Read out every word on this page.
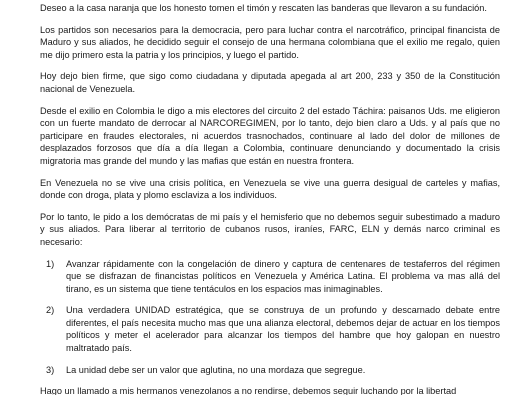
Deseo a la casa naranja que los honesto tomen el timón y rescaten las banderas que llevaron a su fundación.

Los partidos son necesarios para la democracia, pero para luchar contra el narcotráfico, principal financista de Maduro y sus aliados, he decidido seguir el consejo de una hermana colombiana que el exilio me regalo, quien me dijo primero esta la patria y los principios, y luego el partido.

Hoy dejo bien firme, que sigo como ciudadana y diputada apegada al art 200, 233 y 350 de la Constitución nacional de Venezuela.

Desde el exilio en Colombia le digo a mis electores del circuito 2 del estado Táchira: paisanos Uds. me eligieron con un fuerte mandato de derrocar al NARCOREGIMEN, por lo tanto, dejo bien claro a Uds. y al país que no participare en fraudes electorales, ni acuerdos trasnochados, continuare al lado del dolor de millones de desplazados forzosos que día a día llegan a Colombia, continuare denunciando y documentado la crisis migratoria mas grande del mundo y las mafias que están en nuestra frontera.

En Venezuela no se vive una crisis política, en Venezuela se vive una guerra desigual de carteles y mafias, donde con droga, plata y plomo esclaviza a los individuos.

Por lo tanto, le pido a los demócratas de mi país y el hemisferio que no debemos seguir subestimado a maduro y sus aliados. Para liberar al territorio de cubanos rusos, iraníes, FARC, ELN y demás narco criminal es necesario:

1)	Avanzar rápidamente con la congelación de dinero y captura de centenares de testaferros del régimen que se disfrazan de financistas políticos en Venezuela y América Latina. El problema va mas allá del tirano, es un sistema que tiene tentáculos en los espacios mas inimaginables.
2)	Una verdadera UNIDAD estratégica, que se construya de un profundo y descarnado debate entre diferentes, el país necesita mucho mas que una alianza electoral, debemos dejar de actuar en los tiempos políticos y meter el acelerador para alcanzar los tiempos del hambre que hoy galopan en nuestro maltratado país.
3)	La unidad debe ser un valor que aglutina, no una mordaza que segregue.
Hago un llamado a mis hermanos venezolanos a no rendirse, debemos seguir luchando por la libertad
